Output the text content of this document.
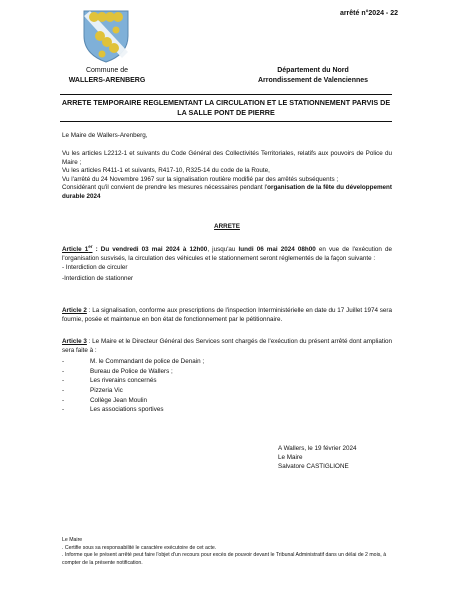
arrêté n°2024 - 22
Commune de
WALLERS-ARENBERG
Département du Nord
Arrondissement de Valenciennes
ARRETE TEMPORAIRE REGLEMENTANT LA CIRCULATION ET LE STATIONNEMENT PARVIS DE
LA SALLE PONT DE PIERRE

Le Maire de Wallers-Arenberg,

Vu les articles L2212-1 et suivants du Code Général des Collectivités Territoriales, relatifs aux pouvoirs de Police du Maire ;

Vu les articles R411-1 et suivants, R417-10, R325-14 du code de la Route,

Vu l'arrêté du 24 Novembre 1967 sur la signalisation routière modifié par des arrêtés subséquents ;

Considérant qu'il convient de prendre les mesures nécessaires pendant l'organisation de la fête du développement durable 2024

ARRETE

Article 1er : Du vendredi 03 mai 2024 à 12h00, jusqu'au lundi 06 mai 2024 08h00 en vue de l'exécution de l'organisation susvisés, la circulation des véhicules et le stationnement seront réglementés de la façon suivante :

- Interdiction de circuler

-Interdiction de stationner

Article 2 : La signalisation, conforme aux prescriptions de l'inspection Interministérielle en date du 17 Juillet 1974 sera fournie, posée et maintenue en bon état de fonctionnement par le pétitionnaire.

Article 3 : Le Maire et le Directeur Général des Services sont chargés de l'exécution du présent arrêté dont ampliation sera faite à :

-	M. le Commandant de police de Denain ;
-	Bureau de Police de Wallers ;
-	Les riverains concernés
-	Pizzeria Vic
-	Collège Jean Moulin
-	Les associations sportives
A Wallers, le 19 février 2024
Le Maire
Salvatore CASTIGLIONE
Le Maire
. Certifie sous sa responsabilité le caractère exécutoire de cet acte.
. Informe que le présent arrêté peut faire l'objet d'un recours pour excès de pouvoir devant le Tribunal Administratif dans un délai de 2 mois, à compter de la présente notification.
